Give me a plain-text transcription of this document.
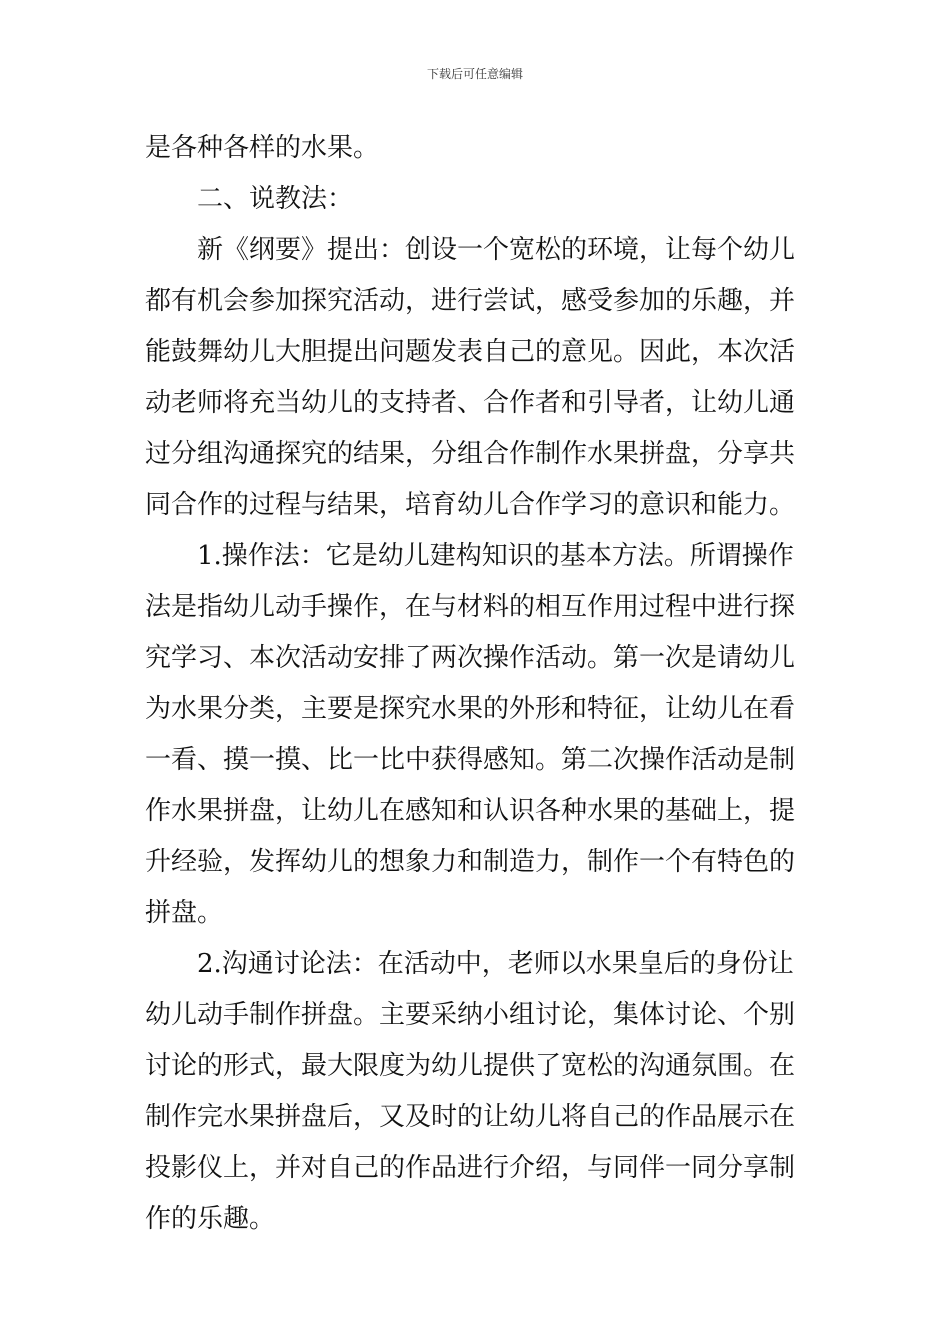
下载后可任意编辑
是各种各样的水果。
二、说教法：
新《纲要》提出：创设一个宽松的环境，让每个幼儿
都有机会参加探究活动，进行尝试，感受参加的乐趣，并
能鼓舞幼儿大胆提出问题发表自己的意见。因此，本次活
动老师将充当幼儿的支持者、合作者和引导者，让幼儿通
过分组沟通探究的结果，分组合作制作水果拼盘，分享共
同合作的过程与结果，培育幼儿合作学习的意识和能力。
1.操作法：它是幼儿建构知识的基本方法。所谓操作
法是指幼儿动手操作，在与材料的相互作用过程中进行探
究学习、本次活动安排了两次操作活动。第一次是请幼儿
为水果分类，主要是探究水果的外形和特征，让幼儿在看
一看、摸一摸、比一比中获得感知。第二次操作活动是制
作水果拼盘，让幼儿在感知和认识各种水果的基础上，提
升经验，发挥幼儿的想象力和制造力，制作一个有特色的
拼盘。
2.沟通讨论法：在活动中，老师以水果皇后的身份让
幼儿动手制作拼盘。主要采纳小组讨论，集体讨论、个别
讨论的形式，最大限度为幼儿提供了宽松的沟通氛围。在
制作完水果拼盘后，又及时的让幼儿将自己的作品展示在
投影仪上，并对自己的作品进行介绍，与同伴一同分享制
作的乐趣。
